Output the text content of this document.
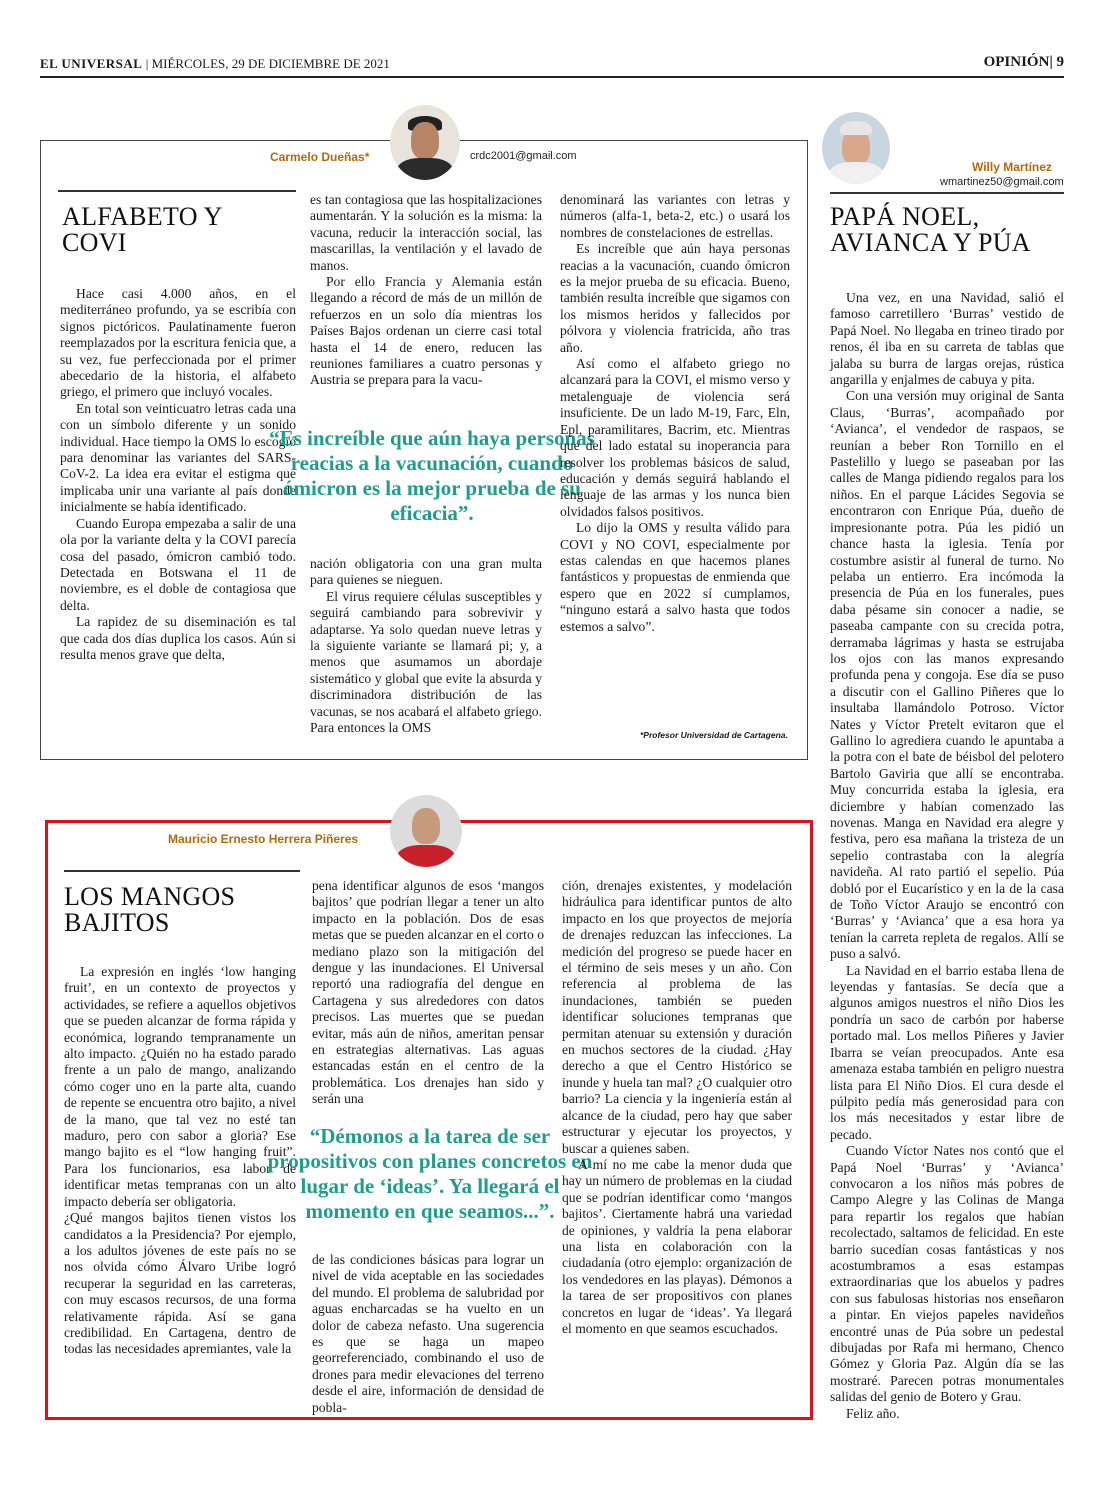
EL UNIVERSAL | MIÉRCOLES, 29 DE DICIEMBRE DE 2021	OPINIÓN| 9
Carmelo Dueñas*	crdc2001@gmail.com
ALFABETO Y COVI

Hace casi 4.000 años, en el mediterráneo profundo, ya se escribía con signos pictóricos. Paulatinamente fueron reemplazados por la escritura fenicia que, a su vez, fue perfeccionada por el primer abecedario de la historia, el alfabeto griego, el primero que incluyó vocales.

En total son veinticuatro letras cada una con un símbolo diferente y un sonido individual. Hace tiempo la OMS lo escogió para denominar las variantes del SARS-CoV-2. La idea era evitar el estigma que implicaba unir una variante al país donde inicialmente se había identificado.

Cuando Europa empezaba a salir de una ola por la variante delta y la COVI parecía cosa del pasado, ómicron cambió todo. Detectada en Botswana el 11 de noviembre, es el doble de contagiosa que delta.

La rapidez de su diseminación es tal que cada dos días duplica los casos. Aún si resulta menos grave que delta,

es tan contagiosa que las hospitalizaciones aumentarán. Y la solución es la misma: la vacuna, reducir la interacción social, las mascarillas, la ventilación y el lavado de manos.

Por ello Francia y Alemania están llegando a récord de más de un millón de refuerzos en un solo día mientras los Países Bajos ordenan un cierre casi total hasta el 14 de enero, reducen las reuniones familiares a cuatro personas y Austria se prepara para la vacu-

“Es increíble que aún haya personas reacias a la vacunación, cuando ómicron es la mejor prueba de su eficacia”.

nación obligatoria con una gran multa para quienes se nieguen.

El virus requiere células susceptibles y seguirá cambiando para sobrevivir y adaptarse. Ya solo quedan nueve letras y la siguiente variante se llamará pi; y, a menos que asumamos un abordaje sistemático y global que evite la absurda y discriminadora distribución de las vacunas, se nos acabará el alfabeto griego. Para entonces la OMS

denominará las variantes con letras y números (alfa-1, beta-2, etc.) o usará los nombres de constelaciones de estrellas.

Es increíble que aún haya personas reacias a la vacunación, cuando ómicron es la mejor prueba de su eficacia. Bueno, también resulta increíble que sigamos con los mismos heridos y fallecidos por pólvora y violencia fratricida, año tras año.

Así como el alfabeto griego no alcanzará para la COVI, el mismo verso y metalenguaje de violencia será insuficiente. De un lado M-19, Farc, Eln, Epl, paramilitares, Bacrim, etc. Mientras que del lado estatal su inoperancia para resolver los problemas básicos de salud, educación y demás seguirá hablando el lenguaje de las armas y los nunca bien olvidados falsos positivos.

Lo dijo la OMS y resulta válido para COVI y NO COVI, especialmente por estas calendas en que hacemos planes fantásticos y propuestas de enmienda que espero que en 2022 sí cumplamos, “ninguno estará a salvo hasta que todos estemos a salvo”.

*Profesor Universidad de Cartagena.
Mauricio Ernesto Herrera Piñeres
LOS MANGOS BAJITOS

La expresión en inglés ‘low hanging fruit’, en un contexto de proyectos y actividades, se refiere a aquellos objetivos que se pueden alcanzar de forma rápida y económica, logrando tempranamente un alto impacto. ¿Quién no ha estado parado frente a un palo de mango, analizando cómo coger uno en la parte alta, cuando de repente se encuentra otro bajito, a nivel de la mano, que tal vez no esté tan maduro, pero con sabor a gloria? Ese mango bajito es el “low hanging fruit”. Para los funcionarios, esa labor de identificar metas tempranas con un alto impacto debería ser obligatoria.

¿Qué mangos bajitos tienen vistos los candidatos a la Presidencia? Por ejemplo, a los adultos jóvenes de este país no se nos olvida cómo Álvaro Uribe logró recuperar la seguridad en las carreteras, con muy escasos recursos, de una forma relativamente rápida. Así se gana credibilidad. En Cartagena, dentro de todas las necesidades apremiantes, vale la

pena identificar algunos de esos ‘mangos bajitos’ que podrían llegar a tener un alto impacto en la población. Dos de esas metas que se pueden alcanzar en el corto o mediano plazo son la mitigación del dengue y las inundaciones. El Universal reportó una radiografía del dengue en Cartagena y sus alrededores con datos precisos. Las muertes que se puedan evitar, más aún de niños, ameritan pensar en estrategias alternativas. Las aguas estancadas están en el centro de la problemática. Los drenajes han sido y serán una

“Démonos a la tarea de ser propositivos con planes concretos en lugar de ‘ideas’. Ya llegará el momento en que seamos...”.

de las condiciones básicas para lograr un nivel de vida aceptable en las sociedades del mundo. El problema de salubridad por aguas encharcadas se ha vuelto en un dolor de cabeza nefasto. Una sugerencia es que se haga un mapeo georreferenciado, combinando el uso de drones para medir elevaciones del terreno desde el aire, información de densidad de pobla-

ción, drenajes existentes, y modelación hidráulica para identificar puntos de alto impacto en los que proyectos de mejoría de drenajes reduzcan las infecciones. La medición del progreso se puede hacer en el término de seis meses y un año. Con referencia al problema de las inundaciones, también se pueden identificar soluciones tempranas que permitan atenuar su extensión y duración en muchos sectores de la ciudad. ¿Hay derecho a que el Centro Histórico se inunde y huela tan mal? ¿O cualquier otro barrio? La ciencia y la ingeniería están al alcance de la ciudad, pero hay que saber estructurar y ejecutar los proyectos, y buscar a quienes saben.

A mí no me cabe la menor duda que hay un número de problemas en la ciudad que se podrían identificar como ‘mangos bajitos’. Ciertamente habrá una variedad de opiniones, y valdría la pena elaborar una lista en colaboración con la ciudadanía (otro ejemplo: organización de los vendedores en las playas). Démonos a la tarea de ser propositivos con planes concretos en lugar de ‘ideas’. Ya llegará el momento en que seamos escuchados.

Willy Martínez
wmartinez50@gmail.com
PAPÁ NOEL, AVIANCA Y PÚA

Una vez, en una Navidad, salió el famoso carretillero ‘Burras’ vestido de Papá Noel. No llegaba en trineo tirado por renos, él iba en su carreta de tablas que jalaba su burra de largas orejas, rústica angarilla y enjalmes de cabuya y pita.

Con una versión muy original de Santa Claus, ‘Burras’, acompañado por ‘Avianca’, el vendedor de raspaos, se reunían a beber Ron Tornillo en el Pastelillo y luego se paseaban por las calles de Manga pidiendo regalos para los niños. En el parque Lácides Segovia se encontraron con Enrique Púa, dueño de impresionante potra. Púa les pidió un chance hasta la iglesia. Tenía por costumbre asistir al funeral de turno. No pelaba un entierro. Era incómoda la presencia de Púa en los funerales, pues daba pésame sin conocer a nadie, se paseaba campante con su crecida potra, derramaba lágrimas y hasta se estrujaba los ojos con las manos expresando profunda pena y congoja. Ese día se puso a discutir con el Gallino Piñeres que lo insultaba llamándolo Potroso. Víctor Nates y Víctor Pretelt evitaron que el Gallino lo agrediera cuando le apuntaba a la potra con el bate de béisbol del pelotero Bartolo Gaviria que allí se encontraba. Muy concurrida estaba la iglesia, era diciembre y habían comenzado las novenas. Manga en Navidad era alegre y festiva, pero esa mañana la tristeza de un sepelio contrastaba con la alegría navideña. Al rato partió el sepelio. Púa dobló por el Eucarístico y en la de la casa de Toño Víctor Araujo se encontró con ‘Burras’ y ‘Avianca’ que a esa hora ya tenían la carreta repleta de regalos. Allí se puso a salvó.

La Navidad en el barrio estaba llena de leyendas y fantasías. Se decía que a algunos amigos nuestros el niño Dios les pondría un saco de carbón por haberse portado mal. Los mellos Piñeres y Javier Ibarra se veían preocupados. Ante esa amenaza estaba también en peligro nuestra lista para El Niño Dios. El cura desde el púlpito pedía más generosidad para con los más necesitados y estar libre de pecado.

Cuando Víctor Nates nos contó que el Papá Noel ‘Burras’ y ‘Avianca’ convocaron a los niños más pobres de Campo Alegre y las Colinas de Manga para repartir los regalos que habían recolectado, saltamos de felicidad. En este barrio sucedían cosas fantásticas y nos acostumbramos a esas estampas extraordinarias que los abuelos y padres con sus fabulosas historias nos enseñaron a pintar. En viejos papeles navideños encontré unas de Púa sobre un pedestal dibujadas por Rafa mi hermano, Chenco Gómez y Gloria Paz. Algún día se las mostraré. Parecen potras monumentales salidas del genio de Botero y Grau.

Feliz año.
